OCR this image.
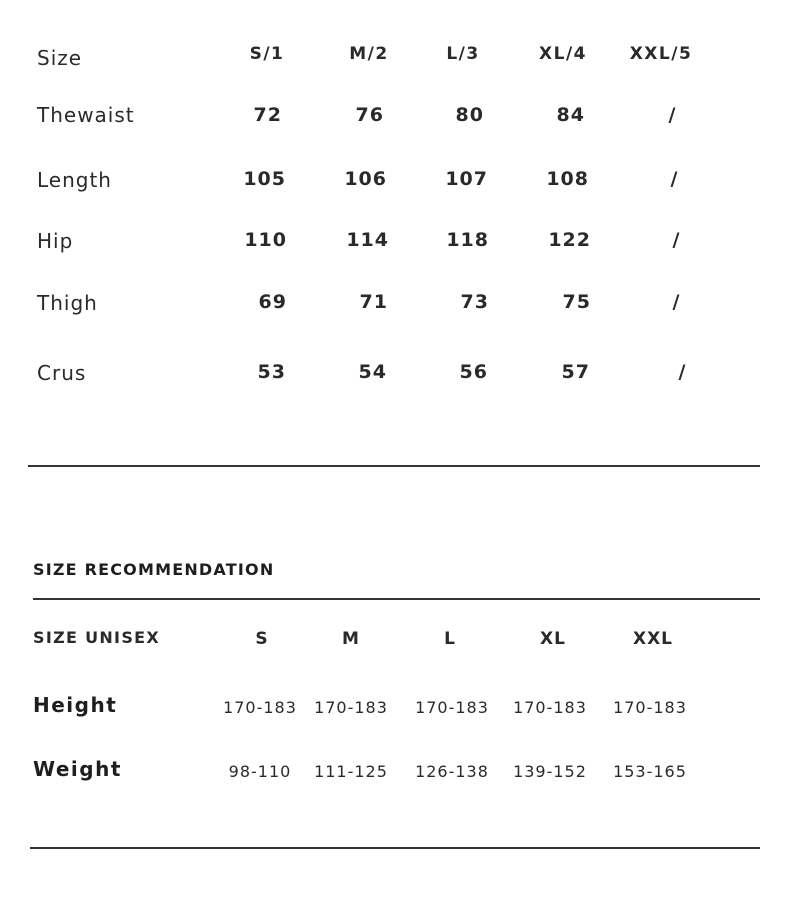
Size	S/1	M/2	L/3	XL/4	XXL/5
Thewaist	72	76	80	84	/
Length	105	106	107	108	/
Hip	110	114	118	122	/
Thigh	69	71	73	75	/
Crus	53	54	56	57	/
SIZE RECOMMENDATION
SIZE UNISEX	S	M	L	XL	XXL
Height	170-183	170-183	170-183	170-183	170-183
Weight	98-110	111-125	126-138	139-152	153-165
